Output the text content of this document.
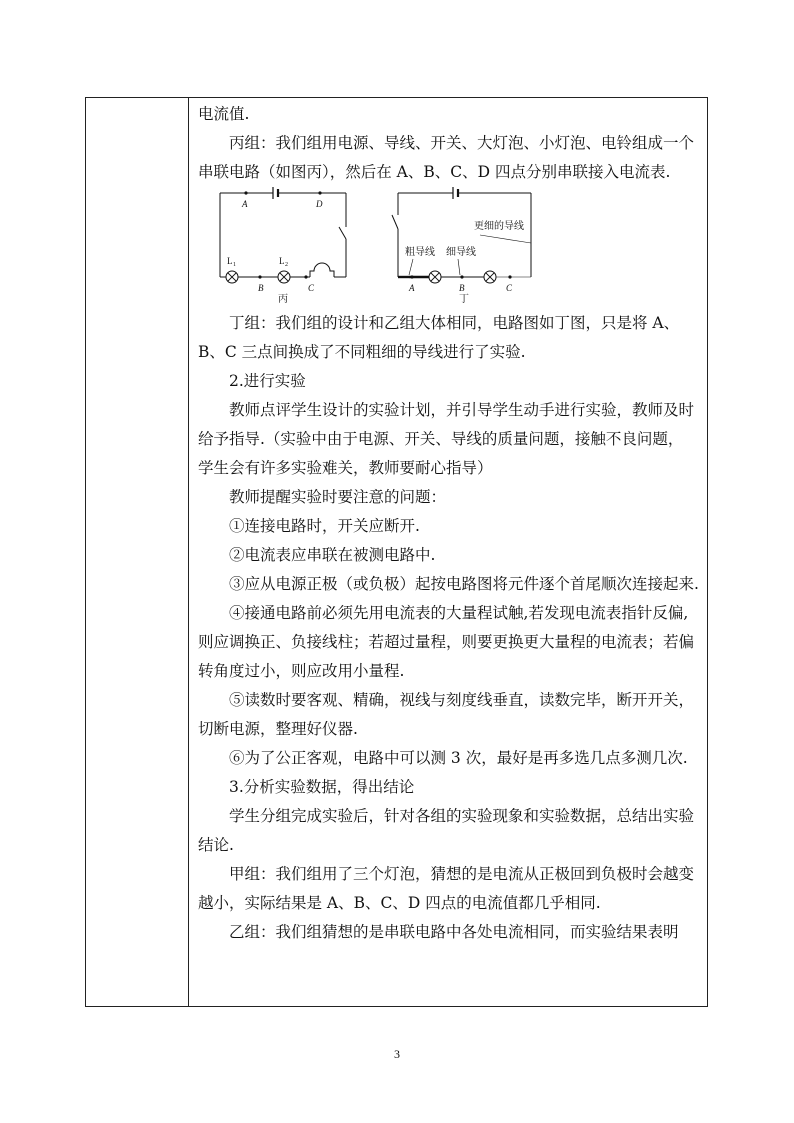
电流值.

丙组：我们组用电源、导线、开关、大灯泡、小灯泡、电铃组成一个

串联电路（如图丙），然后在 A、B、C、D 四点分别串联接入电流表.

A	D
B	C
L 1	L 2
丙
A	B	C
粗导线 细导线
更细的导线
丁

丁组：我们组的设计和乙组大体相同，电路图如丁图，只是将 A、

B、C 三点间换成了不同粗细的导线进行了实验.

2.进行实验

教师点评学生设计的实验计划，并引导学生动手进行实验，教师及时

给予指导.（实验中由于电源、开关、导线的质量问题，接触不良问题，

学生会有许多实验难关，教师要耐心指导）

教师提醒实验时要注意的问题：

①连接电路时，开关应断开.

②电流表应串联在被测电路中.

③应从电源正极（或负极）起按电路图将元件逐个首尾顺次连接起来.

④接通电路前必须先用电流表的大量程试触,若发现电流表指针反偏,

则应调换正、负接线柱；若超过量程，则要更换更大量程的电流表；若偏

转角度过小，则应改用小量程.

⑤读数时要客观、精确，视线与刻度线垂直，读数完毕，断开开关，

切断电源，整理好仪器.

⑥为了公正客观，电路中可以测 3 次，最好是再多选几点多测几次.

3.分析实验数据，得出结论

学生分组完成实验后，针对各组的实验现象和实验数据，总结出实验

结论.

甲组：我们组用了三个灯泡，猜想的是电流从正极回到负极时会越变

越小，实际结果是 A、B、C、D 四点的电流值都几乎相同.

乙组：我们组猜想的是串联电路中各处电流相同，而实验结果表明

3
